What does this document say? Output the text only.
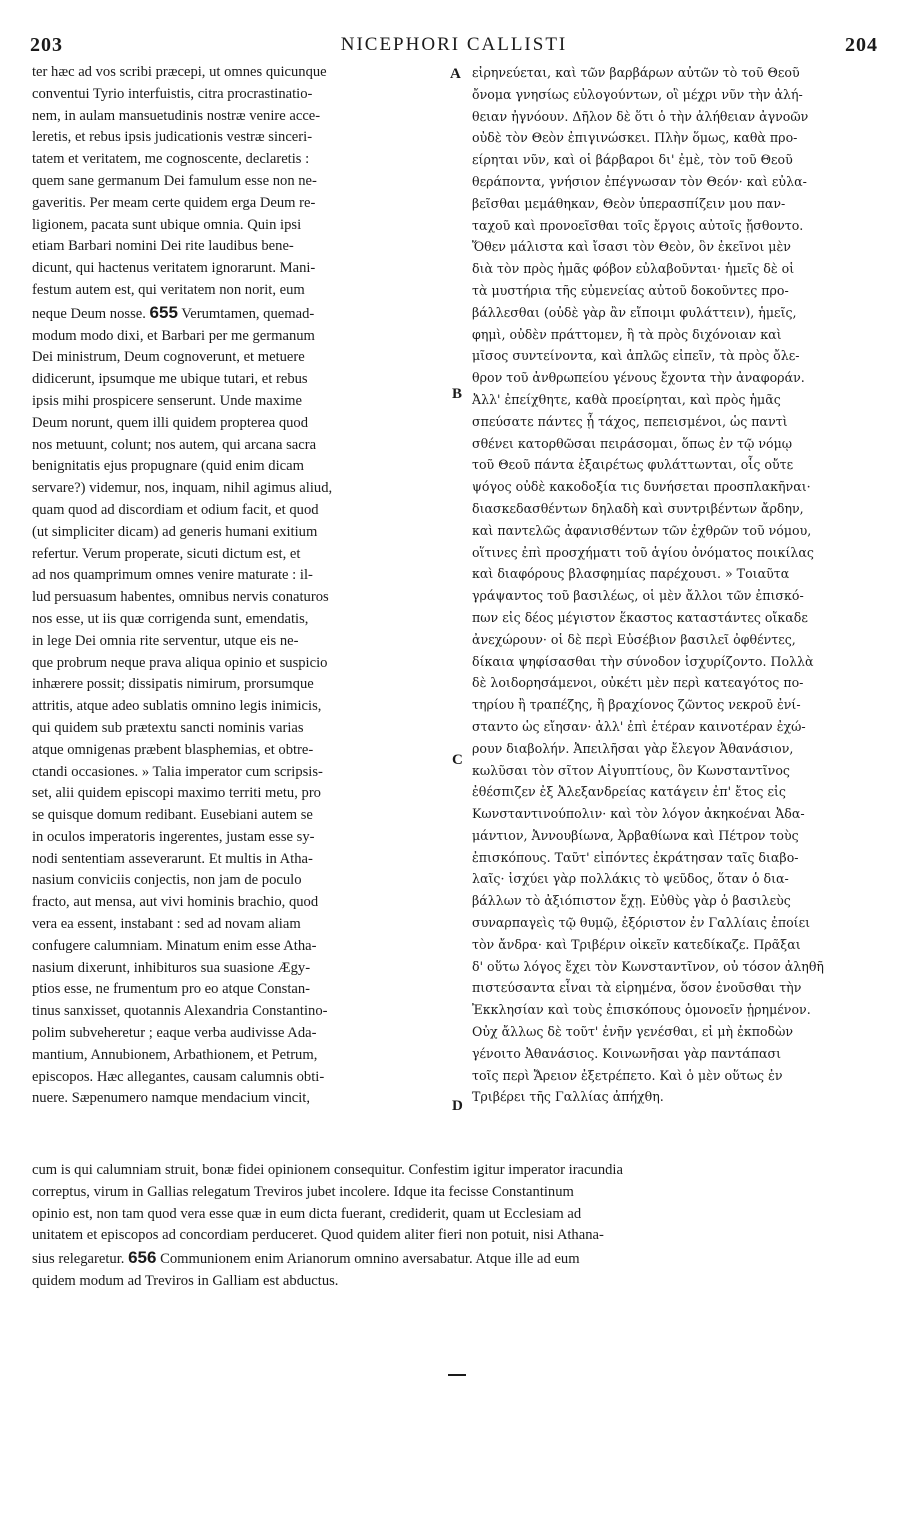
203	NICEPHORI CALLISTI	204
A
B
C
D
ter hæc ad vos scribi præcepi, ut omnes quicunque
conventui Tyrio interfuistis, citra procrastinatio-
nem, in aulam mansuetudinis nostræ venire acce-
leretis, et rebus ipsis judicationis vestræ sinceri-
tatem et veritatem, me cognoscente, declaretis :
quem sane germanum Dei famulum esse non ne-
gaveritis. Per meam certe quidem erga Deum re-
ligionem, pacata sunt ubique omnia. Quin ipsi
etiam Barbari nomini Dei rite laudibus bene-
dicunt, qui hactenus veritatem ignorarunt. Mani-
festum autem est, qui veritatem non norit, eum
neque Deum nosse. 655 Verumtamen, quemad-
modum modo dixi, et Barbari per me germanum
Dei ministrum, Deum cognoverunt, et metuere
didicerunt, ipsumque me ubique tutari, et rebus
ipsis mihi prospicere senserunt. Unde maxime
Deum norunt, quem illi quidem propterea quod
nos metuunt, colunt; nos autem, qui arcana sacra
benignitatis ejus propugnare (quid enim dicam
servare?) videmur, nos, inquam, nihil agimus aliud,
quam quod ad discordiam et odium facit, et quod
(ut simpliciter dicam) ad generis humani exitium
refertur. Verum properate, sicuti dictum est, et
ad nos quamprimum omnes venire maturate : il-
lud persuasum habentes, omnibus nervis conaturos
nos esse, ut iis quæ corrigenda sunt, emendatis,
in lege Dei omnia rite serventur, utque eis ne-
que probrum neque prava aliqua opinio et suspicio
inhærere possit; dissipatis nimirum, prorsumque
attritis, atque adeo sublatis omnino legis inimicis,
qui quidem sub prætextu sancti nominis varias
atque omnigenas præbent blasphemias, et obtre-
ctandi occasiones. » Talia imperator cum scripsis-
set, alii quidem episcopi maximo territi metu, pro
se quisque domum redibant. Eusebiani autem se
in oculos imperatoris ingerentes, justam esse sy-
nodi sententiam asseverarunt. Et multis in Atha-
nasium conviciis conjectis, non jam de poculo
fracto, aut mensa, aut vivi hominis brachio, quod
vera ea essent, instabant : sed ad novam aliam
confugere calumniam. Minatum enim esse Atha-
nasium dixerunt, inhibituros sua suasione Ægy-
ptios esse, ne frumentum pro eo atque Constan-
tinus sanxisset, quotannis Alexandria Constantino-
polim subveheretur ; eaque verba audivisse Ada-
mantium, Annubionem, Arbathionem, et Petrum,
episcopos. Hæc allegantes, causam calumnis obti-
nuere. Sæpenumero namque mendacium vincit,
εἰρηνεύεται, καὶ τῶν βαρβάρων αὐτῶν τὸ τοῦ Θεοῦ
ὄνομα γνησίως εὐλογούντων, οἳ μέχρι νῦν τὴν ἀλή-
θειαν ἠγνόουν. Δῆλον δὲ ὅτι ὁ τὴν ἀλήθειαν ἀγνοῶν
οὐδὲ τὸν Θεὸν ἐπιγινώσκει. Πλὴν ὅμως, καθὰ προ-
είρηται νῦν, καὶ οἱ βάρβαροι δι' ἐμὲ, τὸν τοῦ Θεοῦ
θεράποντα, γνήσιον ἐπέγνωσαν τὸν Θεόν· καὶ εὐλα-
βεῖσθαι μεμάθηκαν, Θεὸν ὑπερασπίζειν μου παν-
ταχοῦ καὶ προνοεῖσθαι τοῖς ἔργοις αὐτοῖς ᾔσθοντο.
Ὅθεν μάλιστα καὶ ἴσασι τὸν Θεὸν, ὃν ἐκεῖνοι μὲν
διὰ τὸν πρὸς ἡμᾶς φόβον εὐλαβοῦνται· ἡμεῖς δὲ οἱ
τὰ μυστήρια τῆς εὐμενείας αὐτοῦ δοκοῦντες προ-
βάλλεσθαι (οὐδὲ γὰρ ἂν εἴποιμι φυλάττειν), ἡμεῖς,
φημὶ, οὐδὲν πράττομεν, ἢ τὰ πρὸς διχόνοιαν καὶ
μῖσος συντείνοντα, καὶ ἁπλῶς εἰπεῖν, τὰ πρὸς ὄλε-
θρον τοῦ ἀνθρωπείου γένους ἔχοντα τὴν ἀναφοράν.
Ἀλλ' ἐπείχθητε, καθὰ προείρηται, καὶ πρὸς ἡμᾶς
σπεύσατε πάντες ᾗ τάχος, πεπεισμένοι, ὡς παντὶ
σθένει κατορθῶσαι πειράσομαι, ὅπως ἐν τῷ νόμῳ
τοῦ Θεοῦ πάντα ἐξαιρέτως φυλάττωνται, οἷς οὔτε
ψόγος οὐδὲ κακοδοξία τις δυνήσεται προσπλακῆναι·
διασκεδασθέντων δηλαδὴ καὶ συντριβέντων ἄρδην,
καὶ παντελῶς ἀφανισθέντων τῶν ἐχθρῶν τοῦ νόμου,
οἵτινες ἐπὶ προσχήματι τοῦ ἁγίου ὀνόματος ποικίλας
καὶ διαφόρους βλασφημίας παρέχουσι. » Τοιαῦτα
γράψαντος τοῦ βασιλέως, οἱ μὲν ἄλλοι τῶν ἐπισκό-
πων εἰς δέος μέγιστον ἕκαστος καταστάντες οἴκαδε
ἀνεχώρουν· οἱ δὲ περὶ Εὐσέβιον βασιλεῖ ὀφθέντες,
δίκαια ψηφίσασθαι τὴν σύνοδον ἰσχυρίζοντο. Πολλὰ
δὲ λοιδορησάμενοι, οὐκέτι μὲν περὶ κατεαγότος πο-
τηρίου ἢ τραπέζης, ἢ βραχίονος ζῶντος νεκροῦ ἐνί-
σταντο ὡς εἴησαν· ἀλλ' ἐπὶ ἑτέραν καινοτέραν ἐχώ-
ρουν διαβολήν. Ἀπειλῆσαι γὰρ ἔλεγον Ἀθανάσιον,
κωλῦσαι τὸν σῖτον Αἰγυπτίους, ὃν Κωνσταντῖνος
ἐθέσπιζεν ἐξ Ἀλεξανδρείας κατάγειν ἐπ' ἔτος εἰς
Κωνσταντινούπολιν· καὶ τὸν λόγον ἀκηκοέναι Ἀδα-
μάντιον, Ἀννουβίωνα, Ἀρβαθίωνα καὶ Πέτρον τοὺς
ἐπισκόπους. Ταῦτ' εἰπόντες ἐκράτησαν ταῖς διαβο-
λαῖς· ἰσχύει γὰρ πολλάκις τὸ ψεῦδος, ὅταν ὁ δια-
βάλλων τὸ ἀξιόπιστον ἔχῃ. Εὐθὺς γὰρ ὁ βασιλεὺς
συναρπαγεὶς τῷ θυμῷ, ἐξόριστον ἐν Γαλλίαις ἐποίει
τὸν ἄνδρα· καὶ Τριβέριν οἰκεῖν κατεδίκαζε. Πρᾶξαι
δ' οὕτω λόγος ἔχει τὸν Κωνσταντῖνον, οὐ τόσον ἀληθῆ
πιστεύσαντα εἶναι τὰ εἰρημένα, ὅσον ἑνοῦσθαι τὴν
Ἐκκλησίαν καὶ τοὺς ἐπισκόπους ὁμονοεῖν ᾑρημένον.
Οὐχ ἄλλως δὲ τοῦτ' ἐνῆν γενέσθαι, εἰ μὴ ἐκποδὼν
γένοιτο Ἀθανάσιος. Κοινωνῆσαι γὰρ παντάπασι
τοῖς περὶ Ἄρειον ἐξετρέπετο. Καὶ ὁ μὲν οὕτως ἐν
Τριβέρει τῆς Γαλλίας ἀπήχθη.
cum is qui calumniam struit, bonæ fidei opinionem consequitur. Confestim igitur imperator iracundia
correptus, virum in Gallias relegatum Treviros jubet incolere. Idque ita fecisse Constantinum
opinio est, non tam quod vera esse quæ in eum dicta fuerant, crediderit, quam ut Ecclesiam ad
unitatem et episcopos ad concordiam perduceret. Quod quidem aliter fieri non potuit, nisi Athana-
sius relegaretur. 656 Communionem enim Arianorum omnino aversabatur. Atque ille ad eum
quidem modum ad Treviros in Galliam est abductus.
